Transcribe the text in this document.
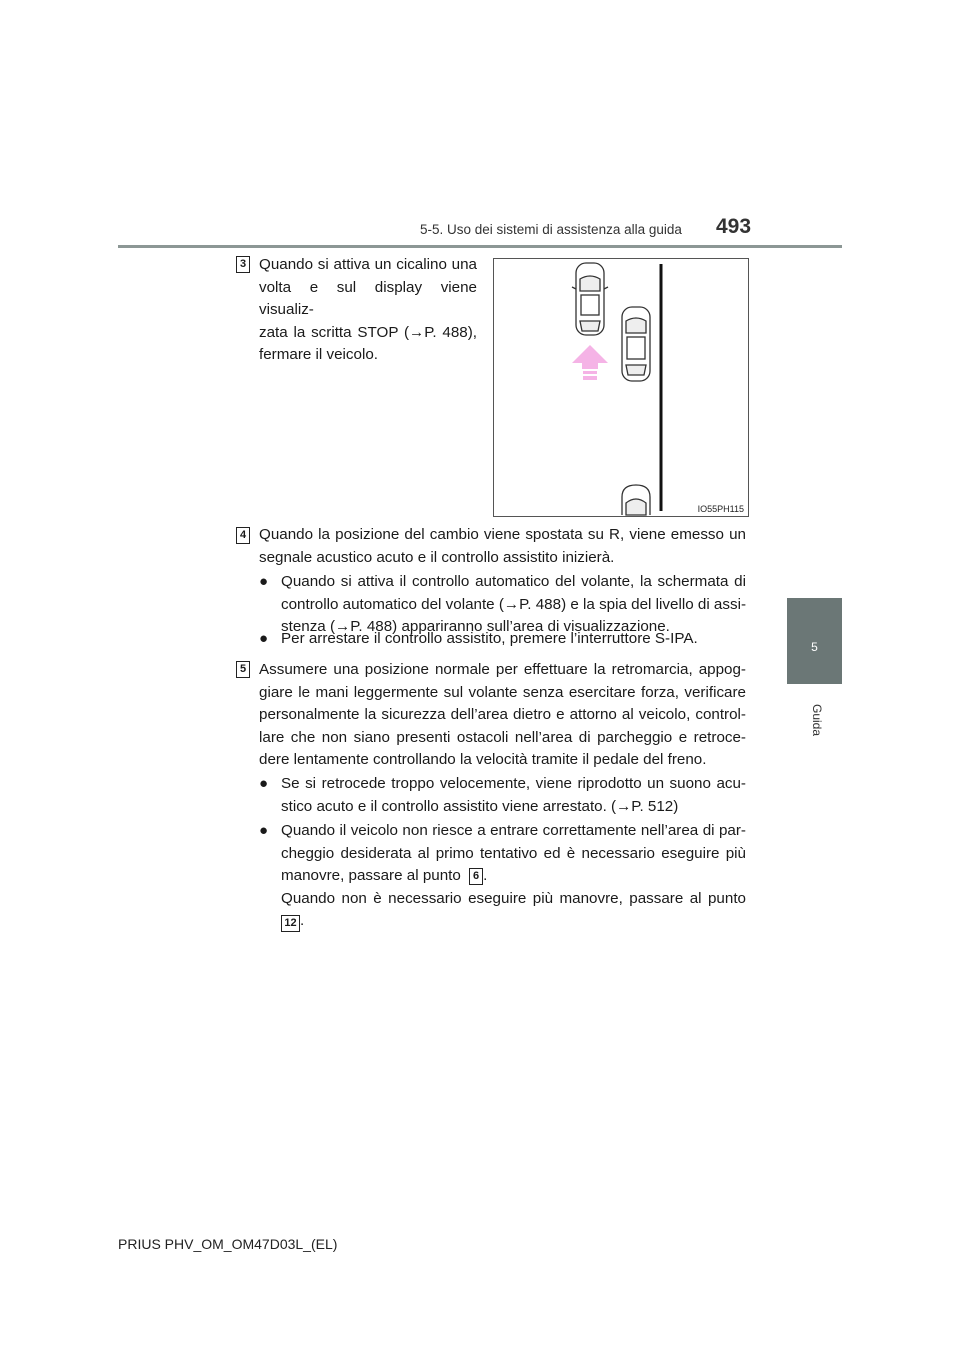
5-5. Uso dei sistemi di assistenza alla guida 493
5
Guida
3 Quando si attiva un cicalino una
volta e sul display viene visualiz-
zata la scritta STOP (→P. 488),
fermare il veicolo.
IO55PH115
4 Quando la posizione del cambio viene spostata su R, viene emesso un
segnale acustico acuto e il controllo assistito inizierà.
● Quando si attiva il controllo automatico del volante, la schermata di
controllo automatico del volante (→P. 488) e la spia del livello di assi-
stenza (→P. 488) appariranno sull’area di visualizzazione.
● Per arrestare il controllo assistito, premere l’interruttore S-IPA.
5 Assumere una posizione normale per effettuare la retromarcia, appog-
giare le mani leggermente sul volante senza esercitare forza, verificare
personalmente la sicurezza dell’area dietro e attorno al veicolo, control-
lare che non siano presenti ostacoli nell’area di parcheggio e retroce-
dere lentamente controllando la velocità tramite il pedale del freno.
● Se si retrocede troppo velocemente, viene riprodotto un suono acu-
stico acuto e il controllo assistito viene arrestato. (→P. 512)
● Quando il veicolo non riesce a entrare correttamente nell’area di par-
cheggio desiderata al primo tentativo ed è necessario eseguire più
manovre, passare al punto 6 .
Quando non è necessario eseguire più manovre, passare al punto
12 .
PRIUS PHV_OM_OM47D03L_(EL)
